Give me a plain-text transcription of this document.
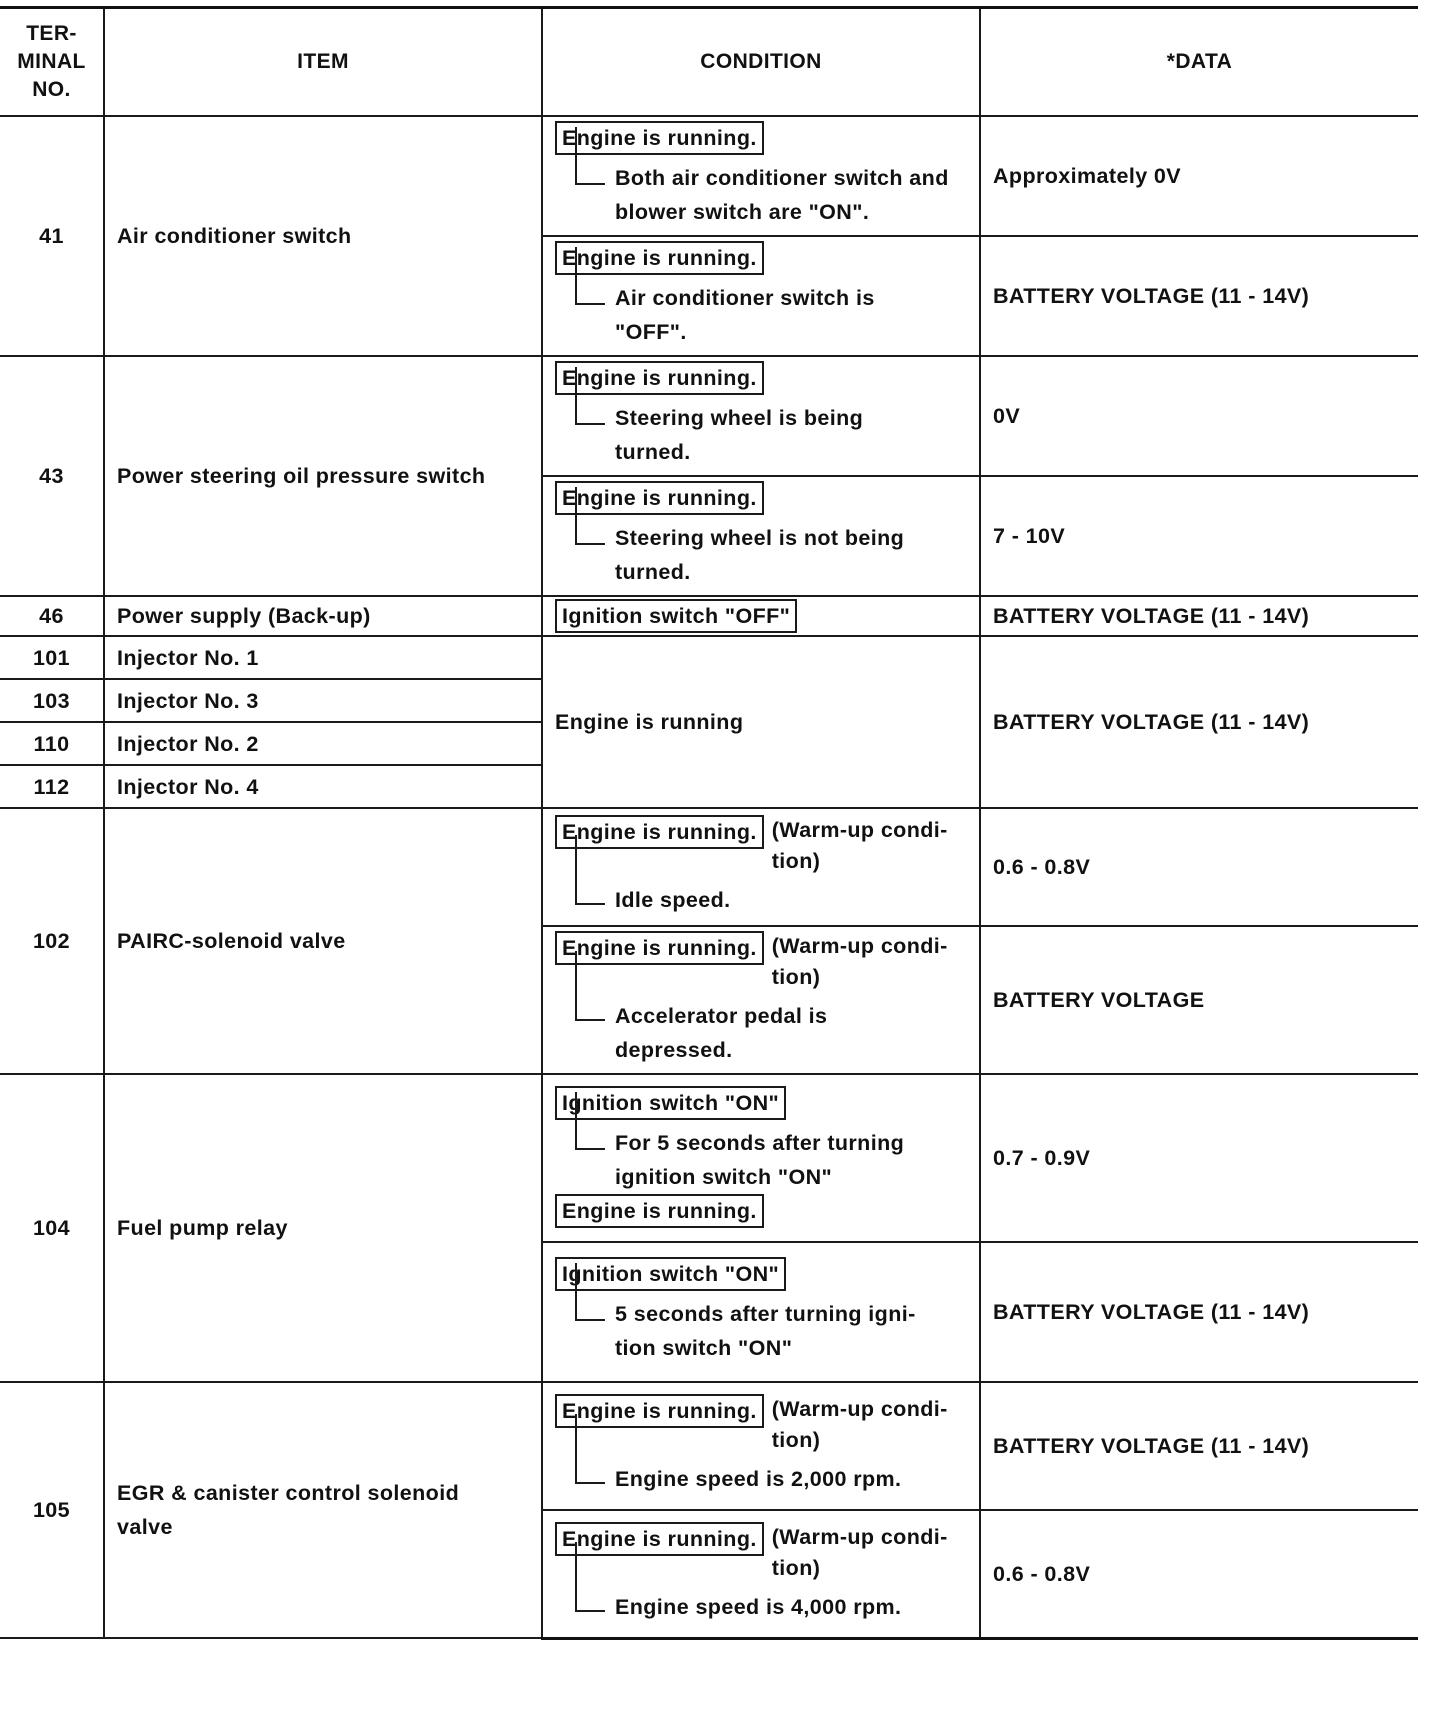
TER-
MINAL
NO.	ITEM	CONDITION	*DATA
41	Air conditioner switch	Engine is running.
Both air conditioner switch and blower switch are "ON".	Approximately 0V

		Engine is running.
Air conditioner switch is "OFF".	BATTERY VOLTAGE (11 - 14V)
43	Power steering oil pressure switch	Engine is running.
Steering wheel is being turned.	0V

		Engine is running.
Steering wheel is not being turned.	7 - 10V
46	Power supply (Back-up)	Ignition switch "OFF"	BATTERY VOLTAGE (11 - 14V)
101	Injector No. 1	Engine is running	BATTERY VOLTAGE (11 - 14V)
103	Injector No. 3		
110	Injector No. 2		
112	Injector No. 4		
102	PAIRC-solenoid valve	Engine is running. (Warm-up condi-tion)
Idle speed.	0.6 - 0.8V

		Engine is running. (Warm-up condi-tion)
Accelerator pedal is depressed.	BATTERY VOLTAGE
104	Fuel pump relay	Ignition switch "ON"
For 5 seconds after turning ignition switch "ON"
Engine is running.	0.7 - 0.9V

		Ignition switch "ON"
5 seconds after turning igni-tion switch "ON"	BATTERY VOLTAGE (11 - 14V)
105	EGR & canister control solenoid valve	Engine is running. (Warm-up condi-tion)
Engine speed is 2,000 rpm.	BATTERY VOLTAGE (11 - 14V)

		Engine is running. (Warm-up condi-tion)
Engine speed is 4,000 rpm.	0.6 - 0.8V
